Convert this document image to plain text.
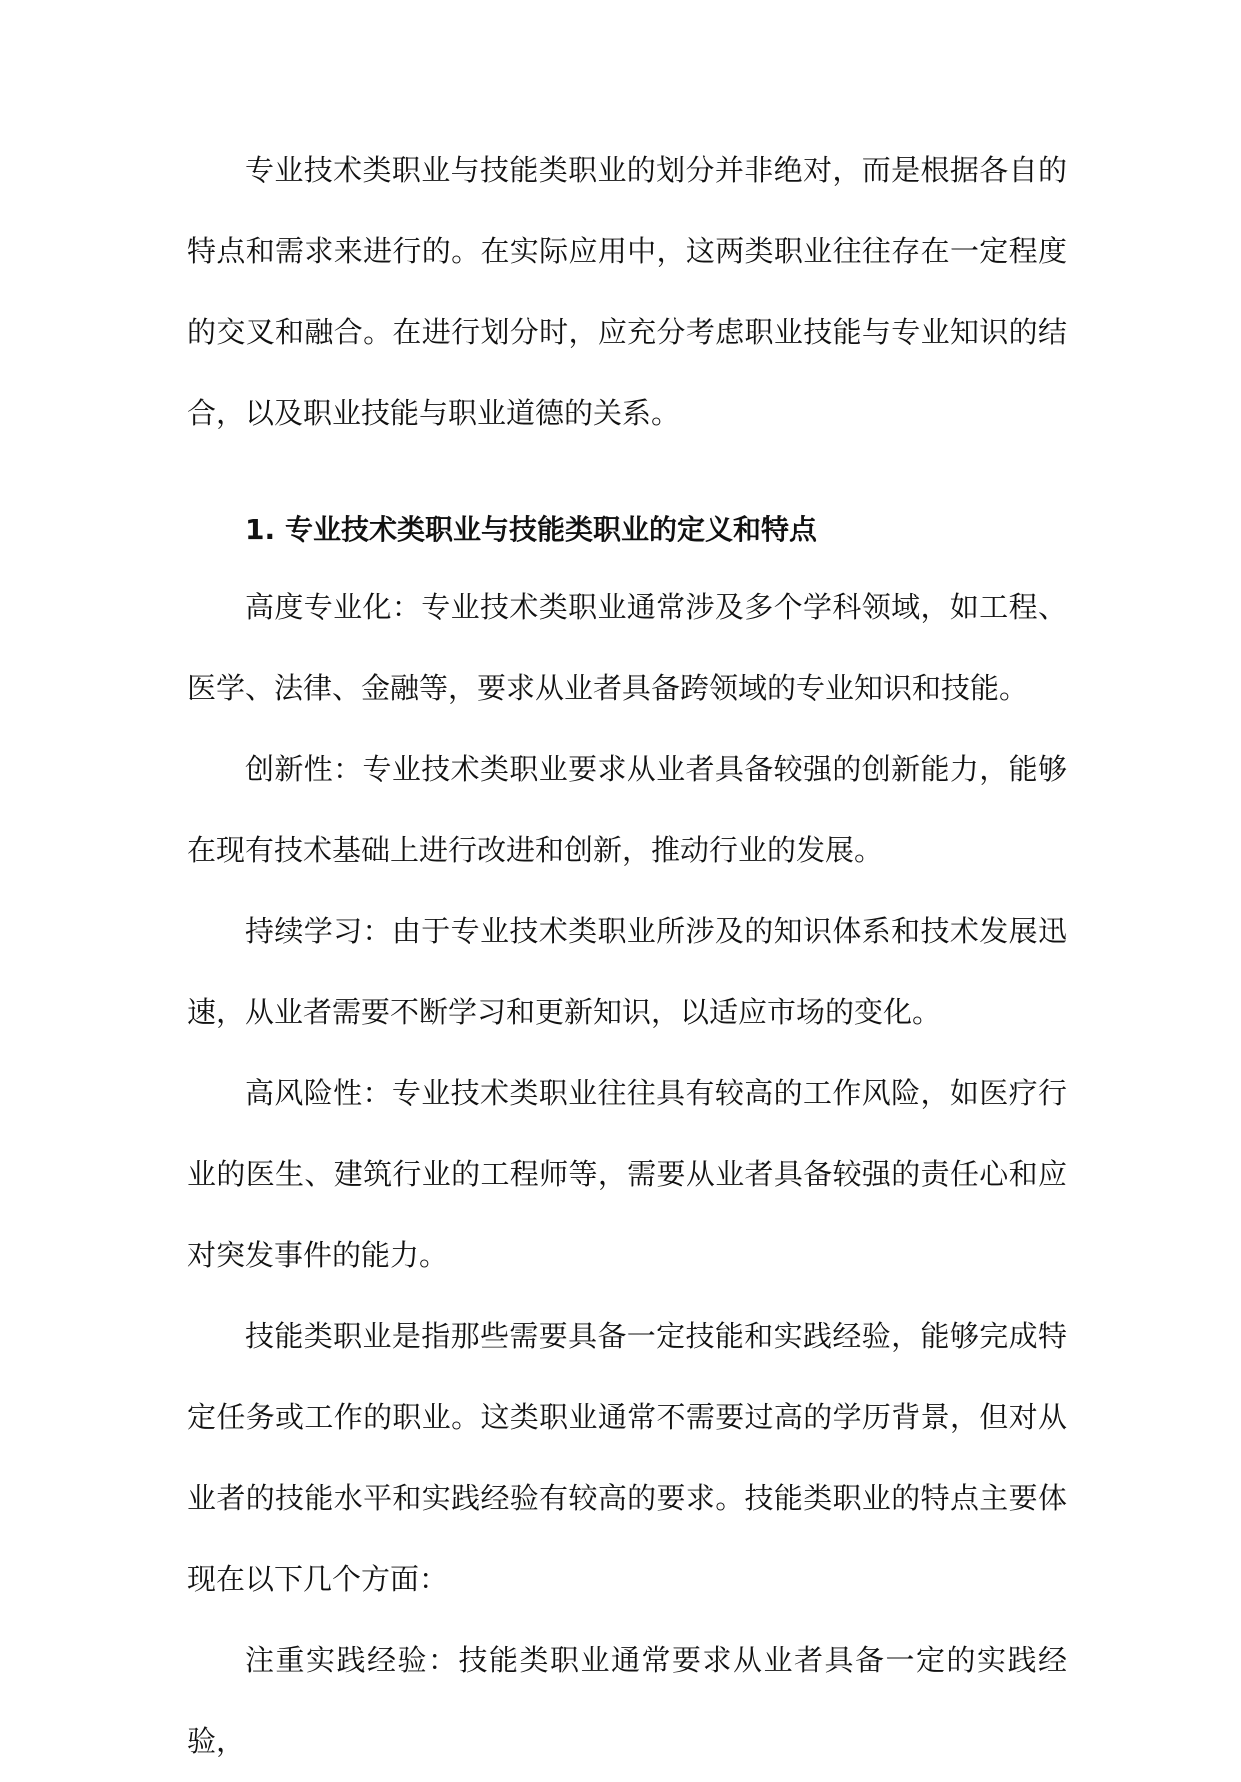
专业技术类职业与技能类职业的划分并非绝对，而是根据各自的特点和需求来进行的。在实际应用中，这两类职业往往存在一定程度的交叉和融合。在进行划分时，应充分考虑职业技能与专业知识的结合，以及职业技能与职业道德的关系。

1. 专业技术类职业与技能类职业的定义和特点

高度专业化：专业技术类职业通常涉及多个学科领域，如工程、医学、法律、金融等，要求从业者具备跨领域的专业知识和技能。

创新性：专业技术类职业要求从业者具备较强的创新能力，能够在现有技术基础上进行改进和创新，推动行业的发展。

持续学习：由于专业技术类职业所涉及的知识体系和技术发展迅速，从业者需要不断学习和更新知识，以适应市场的变化。

高风险性：专业技术类职业往往具有较高的工作风险，如医疗行业的医生、建筑行业的工程师等，需要从业者具备较强的责任心和应对突发事件的能力。

技能类职业是指那些需要具备一定技能和实践经验，能够完成特定任务或工作的职业。这类职业通常不需要过高的学历背景，但对从业者的技能水平和实践经验有较高的要求。技能类职业的特点主要体现在以下几个方面：

注重实践经验：技能类职业通常要求从业者具备一定的实践经验，
